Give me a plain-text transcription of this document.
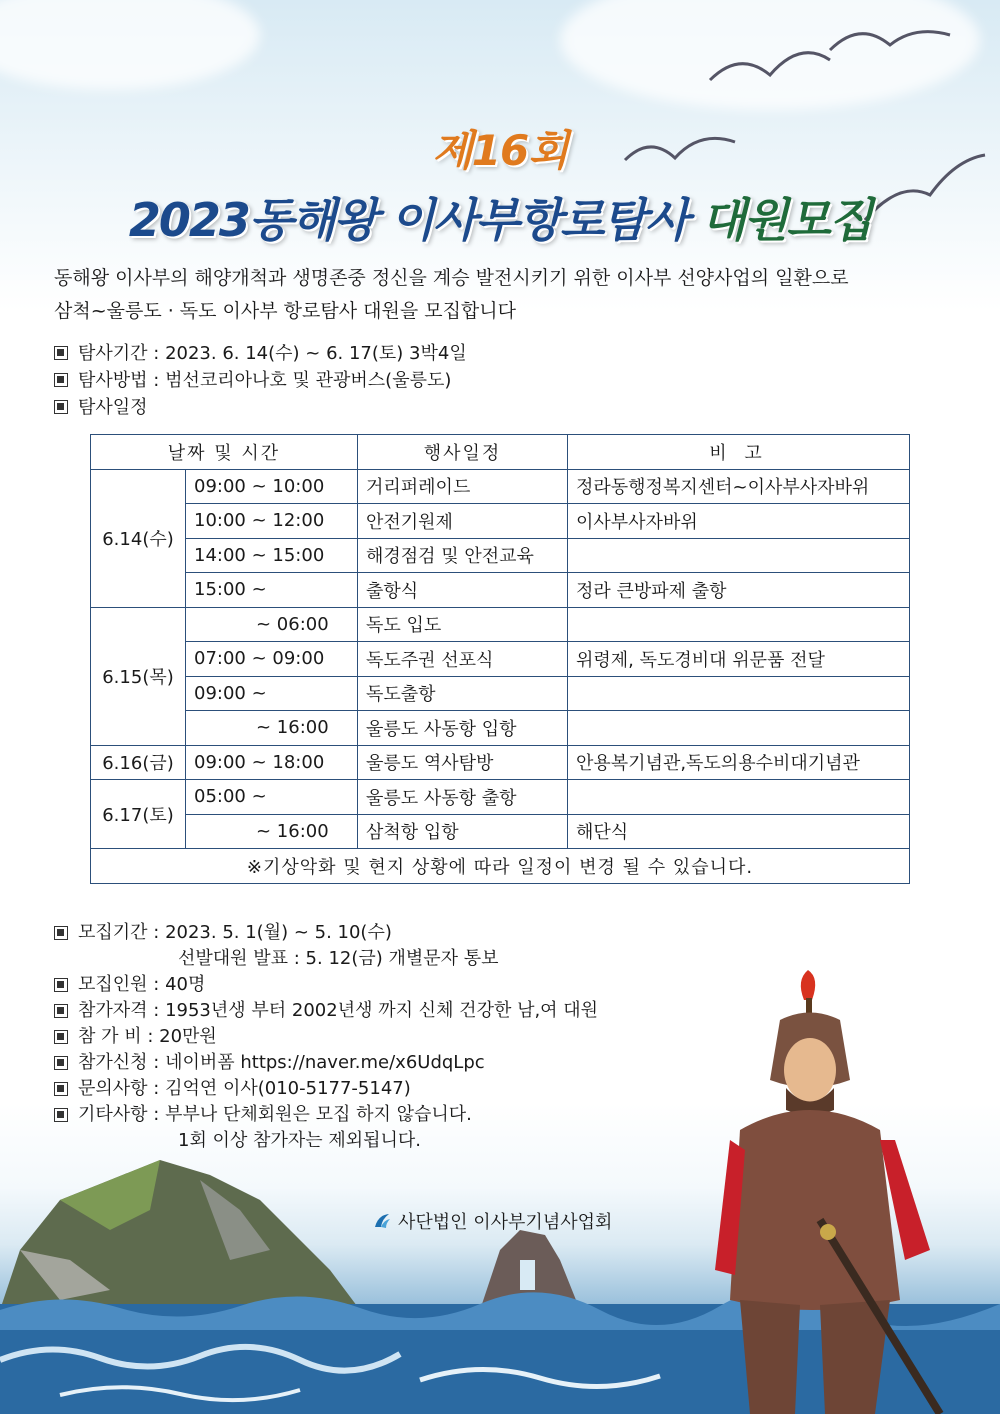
제16회
2023동해왕 이사부항로탐사 대원모집
동해왕 이사부의 해양개척과 생명존중 정신을 계승 발전시키기 위한 이사부 선양사업의 일환으로
삼척~울릉도 · 독도 이사부 항로탐사 대원을 모집합니다
탐사기간 : 2023. 6. 14(수) ~ 6. 17(토) 3박4일
탐사방법 : 범선코리아나호 및 관광버스(울릉도)
탐사일정
날짜 및 시간		행사일정	비 고
6.14(수)	09:00 ~ 10:00	거리퍼레이드	정라동행정복지센터~이사부사자바위
	10:00 ~ 12:00	안전기원제	이사부사자바위
	14:00 ~ 15:00	해경점검 및 안전교육	
	15:00 ~	출항식	정라 큰방파제 출항
6.15(목)	~ 06:00	독도 입도	
	07:00 ~ 09:00	독도주권 선포식	위령제, 독도경비대 위문품 전달
	09:00 ~	독도출항	
	~ 16:00	울릉도 사동항 입항	
6.16(금)	09:00 ~ 18:00	울릉도 역사탐방	안용복기념관,독도의용수비대기념관
6.17(토)	05:00 ~	울릉도 사동항 출항	
	~ 16:00	삼척항 입항	해단식
※기상악화 및 현지 상황에 따라 일정이 변경 될 수 있습니다.			
모집기간 : 2023. 5. 1(월) ~ 5. 10(수)
선발대원 발표 : 5. 12(금) 개별문자 통보
모집인원 : 40명
참가자격 : 1953년생 부터 2002년생 까지 신체 건강한 남,여 대원
참 가 비 : 20만원
참가신청 : 네이버폼 https://naver.me/x6UdqLpc
문의사항 : 김억연 이사(010-5177-5147)
기타사항 : 부부나 단체회원은 모집 하지 않습니다.
1회 이상 참가자는 제외됩니다.
사단법인 이사부기념사업회
